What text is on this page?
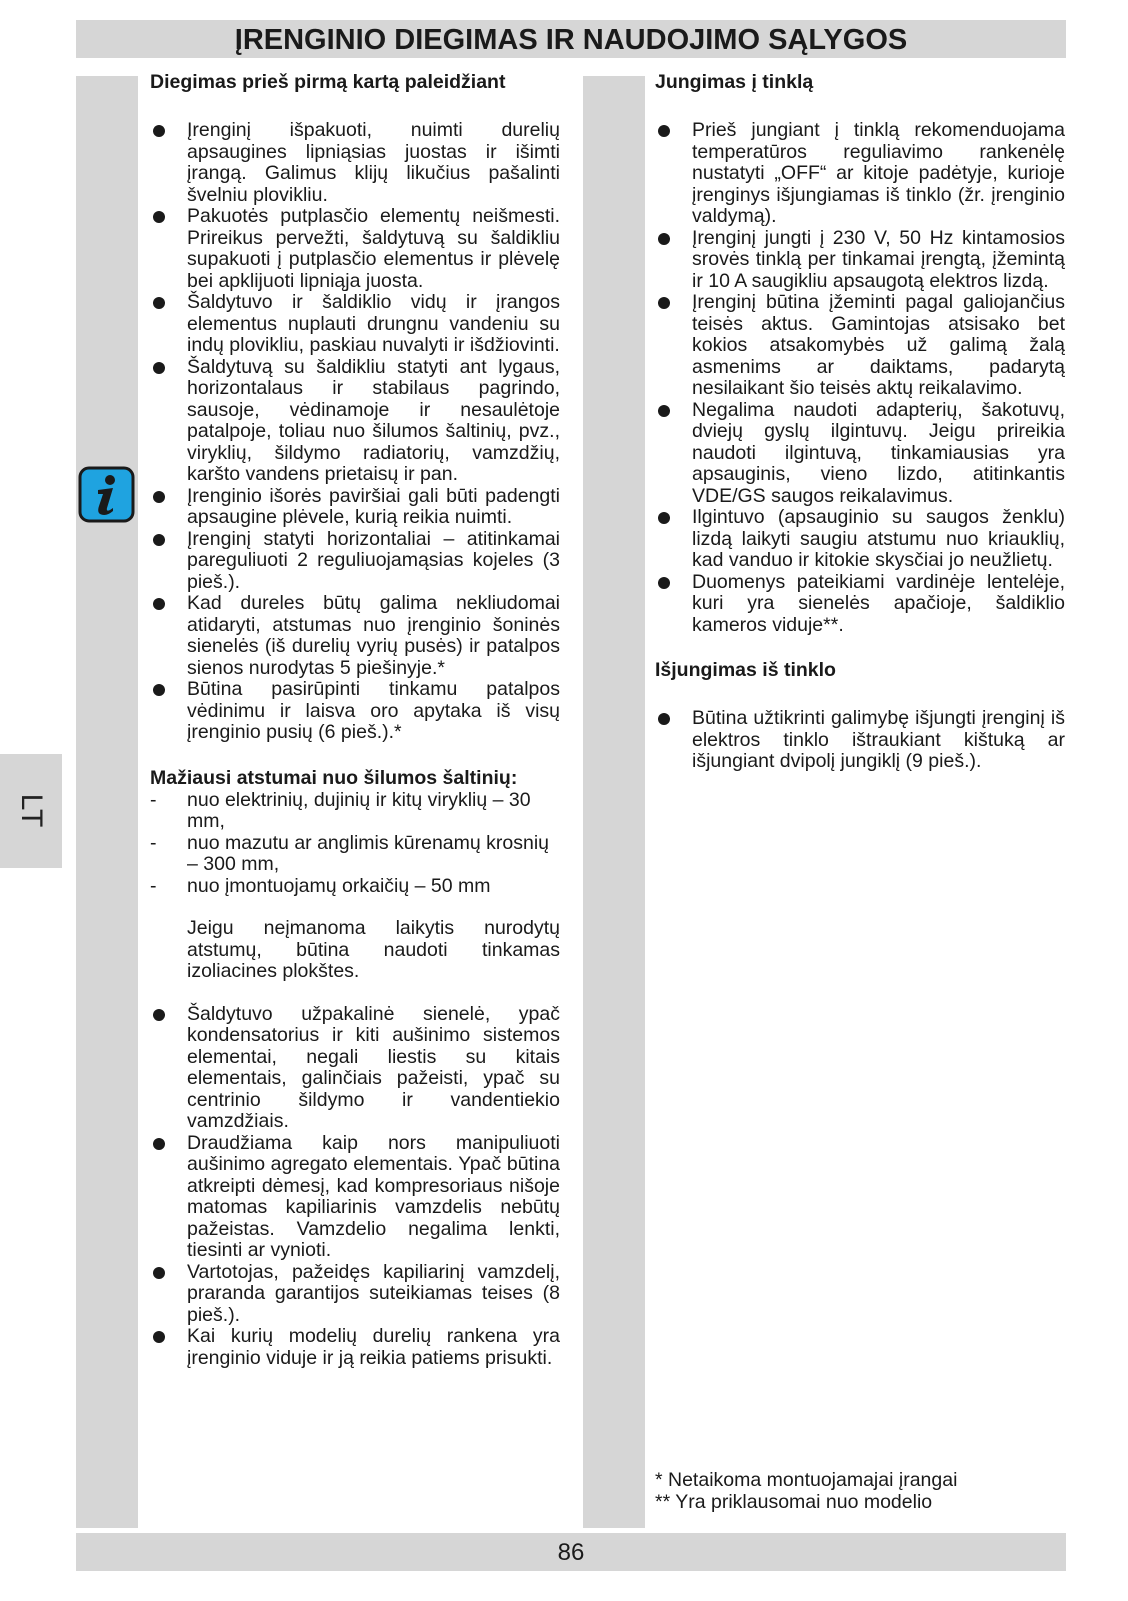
ĮRENGINIO DIEGIMAS IR NAUDOJIMO SĄLYGOS
LT
Diegimas prieš pirmą kartą paleidžiant
Įrenginį išpakuoti, nuimti durelių apsaugines lipniąsias juostas ir išimti įrangą. Galimus klijų likučius pašalinti švelniu plovikliu.
Pakuotės putplasčio elementų neišmesti. Prireikus pervežti, šaldytuvą su šaldikliu supakuoti į putplasčio elementus ir plėvelę bei apklijuoti lipniąja juosta.
Šaldytuvo ir šaldiklio vidų ir įrangos elementus nuplauti drungnu vandeniu su indų plovikliu, paskiau nuvalyti ir išdžiovinti.
Šaldytuvą su šaldikliu statyti ant lygaus, horizontalaus ir stabilaus pagrindo, sausoje, vėdinamoje ir nesaulėtoje patalpoje, toliau nuo šilumos šaltinių, pvz., viryklių, šildymo radiatorių, vamzdžių, karšto vandens prietaisų ir pan.
Įrenginio išorės paviršiai gali būti padengti apsaugine plėvele, kurią reikia nuimti.
Įrenginį statyti horizontaliai – atitinkamai pareguliuoti 2 reguliuojamąsias kojeles (3 pieš.).
Kad dureles būtų galima nekliudomai atidaryti, atstumas nuo įrenginio šoninės sienelės (iš durelių vyrių pusės) ir patalpos sienos nurodytas 5 piešinyje.*
Būtina pasirūpinti tinkamu patalpos vėdinimu ir laisva oro apytaka iš visų įrenginio pusių (6 pieš.).*
Mažiausi atstumai nuo šilumos šaltinių:
- nuo elektrinių, dujinių ir kitų viryklių – 30 mm,
- nuo mazutu ar anglimis kūrenamų krosnių – 300 mm,
- nuo įmontuojamų orkaičių – 50 mm

Jeigu neįmanoma laikytis nurodytų atstumų, būtina naudoti tinkamas izoliacines plokštes.

Šaldytuvo užpakalinė sienelė, ypač kondensatorius ir kiti aušinimo sistemos elementai, negali liestis su kitais elementais, galinčiais pažeisti, ypač su centrinio šildymo ir vandentiekio vamzdžiais.
Draudžiama kaip nors manipuliuoti aušinimo agregato elementais. Ypač būtina atkreipti dėmesį, kad kompresoriaus nišoje matomas kapiliarinis vamzdelis nebūtų pažeistas. Vamzdelio negalima lenkti, tiesinti ar vynioti.
Vartotojas, pažeidęs kapiliarinį vamzdelį, praranda garantijos suteikiamas teises (8 pieš.).
Kai kurių modelių durelių rankena yra įrenginio viduje ir ją reikia patiems prisukti.
Jungimas į tinklą
Prieš jungiant į tinklą rekomenduojama temperatūros reguliavimo rankenėlę nustatyti „OFF“ ar kitoje padėtyje, kurioje įrenginys išjungiamas iš tinklo (žr. įrenginio valdymą).
Įrenginį jungti į 230 V, 50 Hz kintamosios srovės tinklą per tinkamai įrengtą, įžemintą ir 10 A saugikliu apsaugotą elektros lizdą.
Įrenginį būtina įžeminti pagal galiojančius teisės aktus. Gamintojas atsisako bet kokios atsakomybės už galimą žalą asmenims ar daiktams, padarytą nesilaikant šio teisės aktų reikalavimo.
Negalima naudoti adapterių, šakotuvų, dviejų gyslų ilgintuvų. Jeigu prireikia naudoti ilgintuvą, tinkamiausias yra apsauginis, vieno lizdo, atitinkantis VDE/GS saugos reikalavimus.
Ilgintuvo (apsauginio su saugos ženklu) lizdą laikyti saugiu atstumu nuo kriauklių, kad vanduo ir kitokie skysčiai jo neužlietų.
Duomenys pateikiami vardinėje lentelėje, kuri yra sienelės apačioje, šaldiklio kameros viduje**.
Išjungimas iš tinklo
Būtina užtikrinti galimybę išjungti įrenginį iš elektros tinklo ištraukiant kištuką ar išjungiant dvipolį jungiklį (9 pieš.).
* Netaikoma montuojamajai įrangai
** Yra priklausomai nuo modelio
86
